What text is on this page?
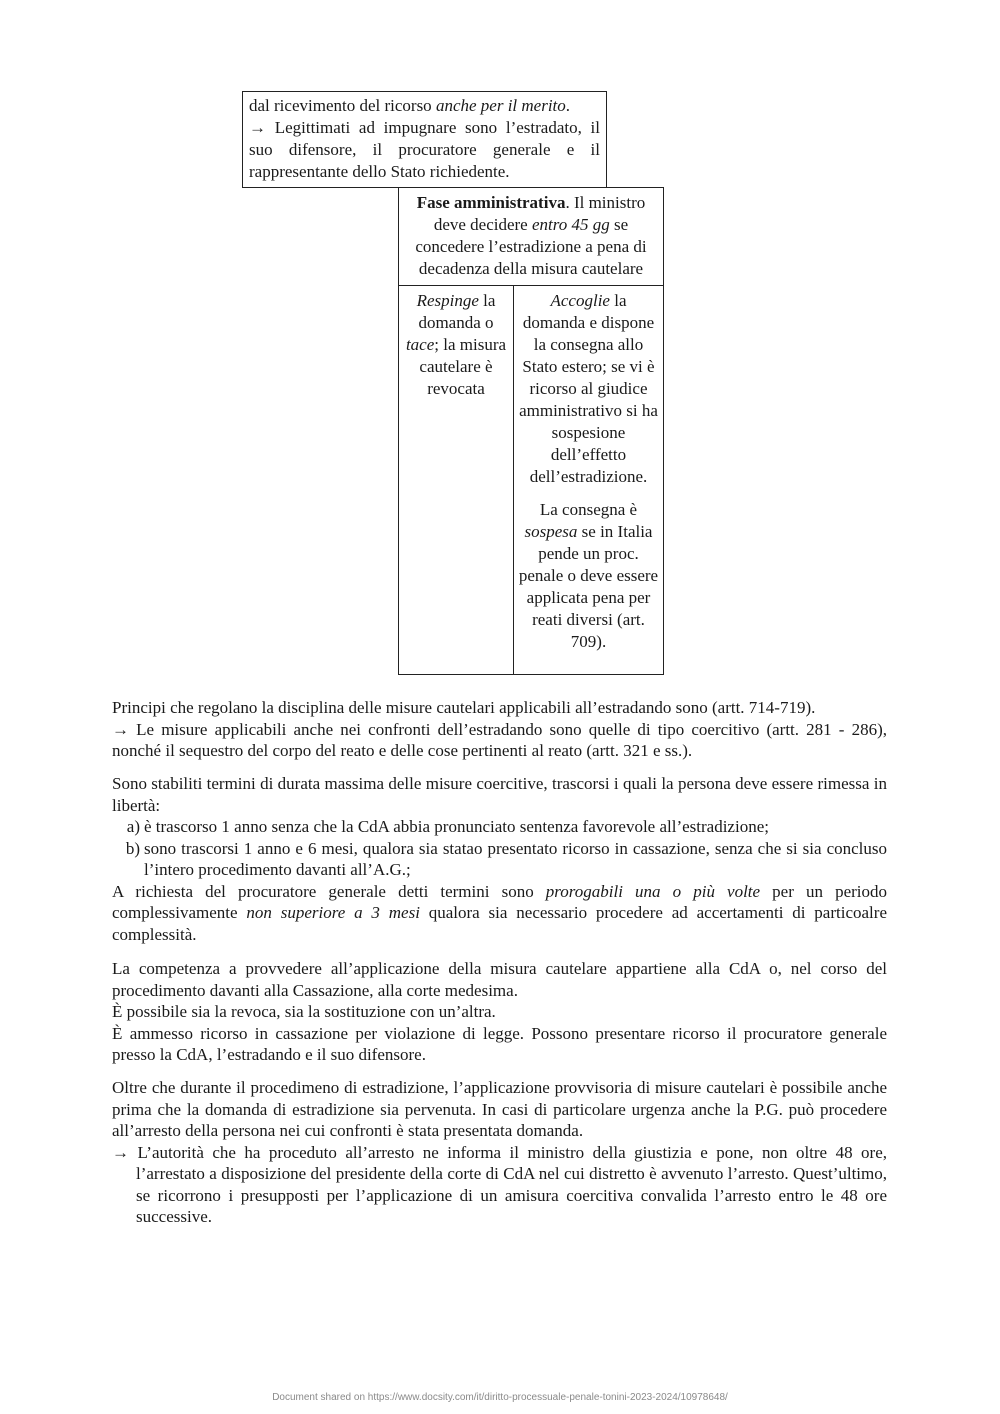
dal ricevimento del ricorso anche per il merito.
→ Legittimati ad impugnare sono l’estradato, il suo difensore, il procuratore generale e il rappresentante dello Stato richiedente.
Fase amministrativa. Il ministro deve decidere entro 45 gg se concedere l’estradizione a pena di decadenza della misura cautelare
Respinge la domanda o tace; la misura cautelare è revocata

Accoglie la domanda e dispone la consegna allo Stato estero; se vi è ricorso al giudice amministrativo si ha sospesione dell’effetto dell’estradizione.

La consegna è sospesa se in Italia pende un proc. penale o deve essere applicata pena per reati diversi (art. 709).

Principi che regolano la disciplina delle misure cautelari applicabili all’estradando sono (artt. 714-719).

→ Le misure applicabili anche nei confronti dell’estradando sono quelle di tipo coercitivo (artt. 281 - 286), nonché il sequestro del corpo del reato e delle cose pertinenti al reato (artt. 321 e ss.).

Sono stabiliti termini di durata massima delle misure coercitive, trascorsi i quali la persona deve essere rimessa in libertà:

a) è trascorso 1 anno senza che la CdA abbia pronunciato sentenza favorevole all’estradizione;
b) sono trascorsi 1 anno e 6 mesi, qualora sia statao presentato ricorso in cassazione, senza che si sia concluso l’intero procedimento davanti all’A.G.;

A richiesta del procuratore generale detti termini sono prorogabili una o più volte per un periodo complessivamente non superiore a 3 mesi qualora sia necessario procedere ad accertamenti di particoalre complessità.

La competenza a provvedere all’applicazione della misura cautelare appartiene alla CdA o, nel corso del procedimento davanti alla Cassazione, alla corte medesima.

È possibile sia la revoca, sia la sostituzione con un’altra.

È ammesso ricorso in cassazione per violazione di legge. Possono presentare ricorso il procuratore generale presso la CdA, l’estradando e il suo difensore.

Oltre che durante il procedimeno di estradizione, l’applicazione provvisoria di misure cautelari è possibile anche prima che la domanda di estradizione sia pervenuta. In casi di particolare urgenza anche la P.G. può procedere all’arresto della persona nei cui confronti è stata presentata domanda.

→ L’autorità che ha proceduto all’arresto ne informa il ministro della giustizia e pone, non oltre 48 ore, l’arrestato a disposizione del presidente della corte di CdA nel cui distretto è avvenuto l’arresto. Quest’ultimo, se ricorrono i presupposti per l’applicazione di un amisura coercitiva convalida l’arresto entro le 48 ore successive.

Document shared on https://www.docsity.com/it/diritto-processuale-penale-tonini-2023-2024/10978648/
